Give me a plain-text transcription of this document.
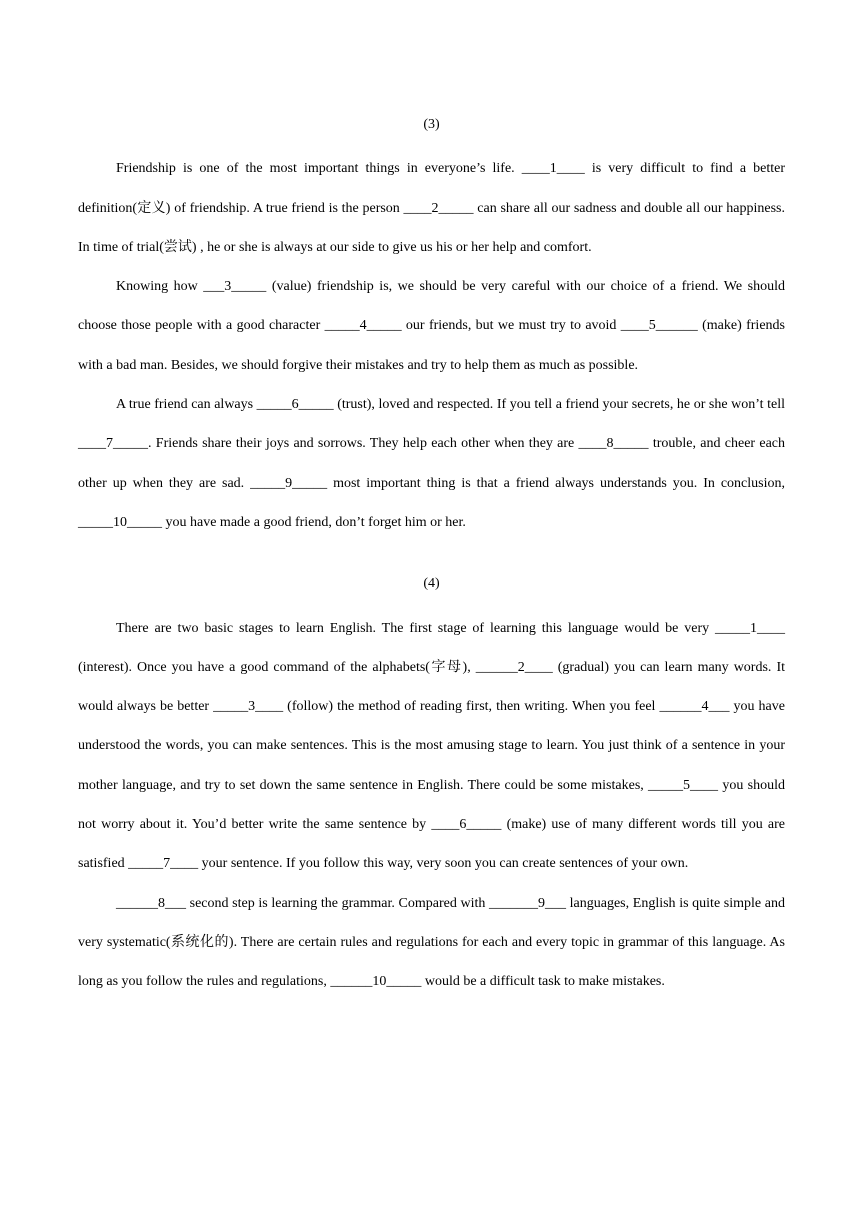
(3)

Friendship is one of the most important things in everyone’s life. ____1____ is very difficult to find a better definition(定义) of friendship. A true friend is the person ____2_____ can share all our sadness and double all our happiness. In time of trial(尝试) , he or she is always at our side to give us his or her help and comfort.

Knowing how ___3_____ (value) friendship is, we should be very careful with our choice of a friend. We should choose those people with a good character _____4_____ our friends, but we must try to avoid ____5______ (make) friends with a bad man. Besides, we should forgive their mistakes and try to help them as much as possible.

A true friend can always _____6_____ (trust), loved and respected. If you tell a friend your secrets, he or she won’t tell ____7_____. Friends share their joys and sorrows. They help each other when they are ____8_____ trouble, and cheer each other up when they are sad. _____9_____ most important thing is that a friend always understands you. In conclusion, _____10_____ you have made a good friend, don’t forget him or her.

(4)

There are two basic stages to learn English. The first stage of learning this language would be very _____1____ (interest). Once you have a good command of the alphabets(字母), ______2____ (gradual) you can learn many words. It would always be better _____3____ (follow) the method of reading first, then writing. When you feel ______4___ you have understood the words, you can make sentences. This is the most amusing stage to learn. You just think of a sentence in your mother language, and try to set down the same sentence in English. There could be some mistakes, _____5____ you should not worry about it. You’d better write the same sentence by ____6_____ (make) use of many different words till you are satisfied _____7____ your sentence. If you follow this way, very soon you can create sentences of your own.

______8___ second step is learning the grammar. Compared with _______9___ languages, English is quite simple and very systematic(系统化的). There are certain rules and regulations for each and every topic in grammar of this language. As long as you follow the rules and regulations, ______10_____ would be a difficult task to make mistakes.
